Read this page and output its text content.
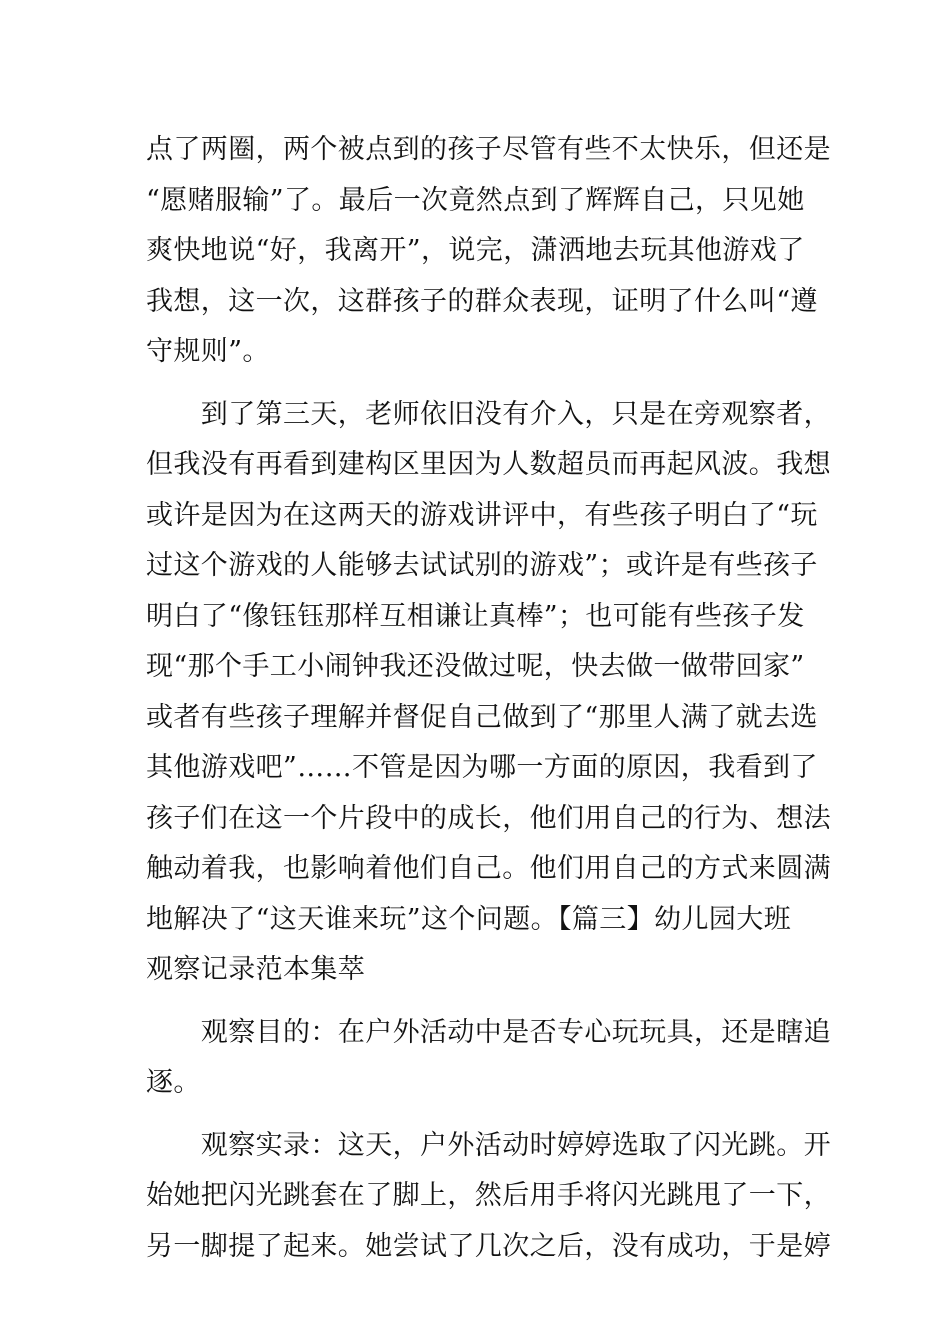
点了两圈，两个被点到的孩子尽管有些不太快乐，但还是
“愿赌服输”了。最后一次竟然点到了辉辉自己，只见她
爽快地说“好，我离开”，说完，潇洒地去玩其他游戏了
我想，这一次，这群孩子的群众表现，证明了什么叫“遵
守规则”。
　　到了第三天，老师依旧没有介入，只是在旁观察者，
但我没有再看到建构区里因为人数超员而再起风波。我想
或许是因为在这两天的游戏讲评中，有些孩子明白了“玩
过这个游戏的人能够去试试别的游戏”；或许是有些孩子
明白了“像钰钰那样互相谦让真棒”；也可能有些孩子发
现“那个手工小闹钟我还没做过呢，快去做一做带回家”
或者有些孩子理解并督促自己做到了“那里人满了就去选
其他游戏吧”……不管是因为哪一方面的原因，我看到了
孩子们在这一个片段中的成长，他们用自己的行为、想法
触动着我，也影响着他们自己。他们用自己的方式来圆满
地解决了“这天谁来玩”这个问题。【篇三】幼儿园大班
观察记录范本集萃
　　观察目的：在户外活动中是否专心玩玩具，还是瞎追
逐。
　　观察实录：这天，户外活动时婷婷选取了闪光跳。开
始她把闪光跳套在了脚上，然后用手将闪光跳甩了一下，
另一脚提了起来。她尝试了几次之后，没有成功，于是婷
